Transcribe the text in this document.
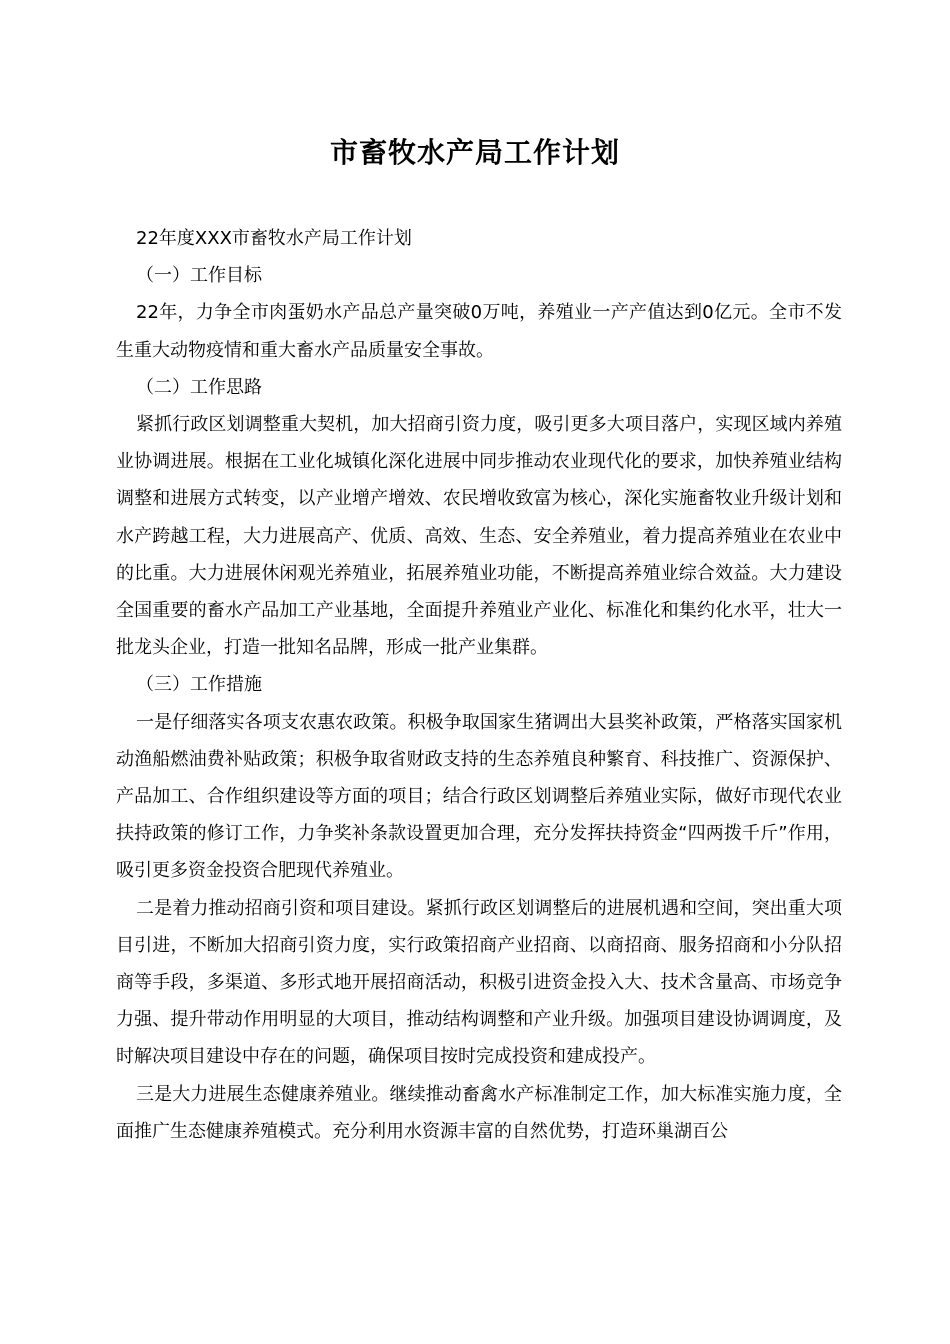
市畜牧水产局工作计划

22年度XXX市畜牧水产局工作计划

（一）工作目标

22年，力争全市肉蛋奶水产品总产量突破0万吨，养殖业一产产值达到0亿元。全市不发生重大动物疫情和重大畜水产品质量安全事故。

（二）工作思路

紧抓行政区划调整重大契机，加大招商引资力度，吸引更多大项目落户，实现区域内养殖业协调进展。根据在工业化城镇化深化进展中同步推动农业现代化的要求，加快养殖业结构调整和进展方式转变，以产业增产增效、农民增收致富为核心，深化实施畜牧业升级计划和水产跨越工程，大力进展高产、优质、高效、生态、安全养殖业，着力提高养殖业在农业中的比重。大力进展休闲观光养殖业，拓展养殖业功能，不断提高养殖业综合效益。大力建设全国重要的畜水产品加工产业基地，全面提升养殖业产业化、标准化和集约化水平，壮大一批龙头企业，打造一批知名品牌，形成一批产业集群。

（三）工作措施

一是仔细落实各项支农惠农政策。积极争取国家生猪调出大县奖补政策，严格落实国家机动渔船燃油费补贴政策；积极争取省财政支持的生态养殖良种繁育、科技推广、资源保护、产品加工、合作组织建设等方面的项目；结合行政区划调整后养殖业实际，做好市现代农业扶持政策的修订工作，力争奖补条款设置更加合理，充分发挥扶持资金“四两拨千斤”作用，吸引更多资金投资合肥现代养殖业。

二是着力推动招商引资和项目建设。紧抓行政区划调整后的进展机遇和空间，突出重大项目引进，不断加大招商引资力度，实行政策招商产业招商、以商招商、服务招商和小分队招商等手段，多渠道、多形式地开展招商活动，积极引进资金投入大、技术含量高、市场竞争力强、提升带动作用明显的大项目，推动结构调整和产业升级。加强项目建设协调调度，及时解决项目建设中存在的问题，确保项目按时完成投资和建成投产。

三是大力进展生态健康养殖业。继续推动畜禽水产标准制定工作，加大标准实施力度，全面推广生态健康养殖模式。充分利用水资源丰富的自然优势，打造环巢湖百公
